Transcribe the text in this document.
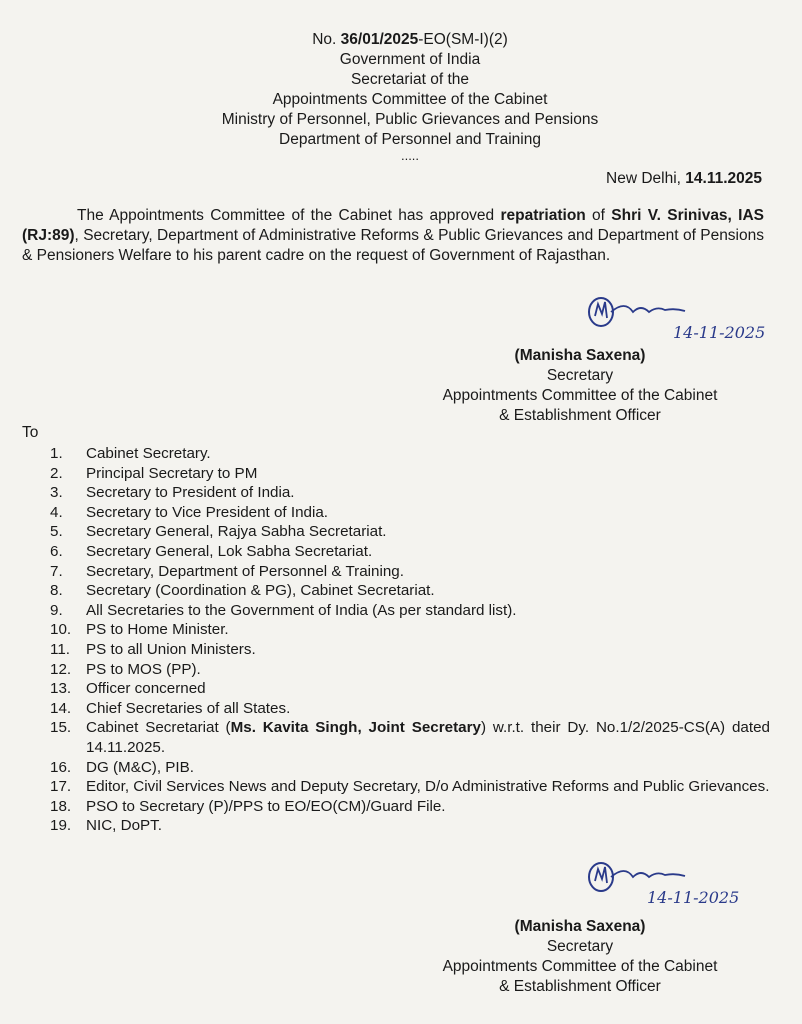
No. 36/01/2025-EO(SM-I)(2)
Government of India
Secretariat of the
Appointments Committee of the Cabinet
Ministry of Personnel, Public Grievances and Pensions
Department of Personnel and Training
.....
New Delhi, 14.11.2025
The Appointments Committee of the Cabinet has approved repatriation of Shri V. Srinivas, IAS (RJ:89), Secretary, Department of Administrative Reforms & Public Grievances and Department of Pensions & Pensioners Welfare to his parent cadre on the request of Government of Rajasthan.
14-11-2025
(Manisha Saxena)
Secretary
Appointments Committee of the Cabinet
& Establishment Officer
To
1.	Cabinet Secretary.
2.	Principal Secretary to PM
3.	Secretary to President of India.
4.	Secretary to Vice President of India.
5.	Secretary General, Rajya Sabha Secretariat.
6.	Secretary General, Lok Sabha Secretariat.
7.	Secretary, Department of Personnel & Training.
8.	Secretary (Coordination & PG), Cabinet Secretariat.
9.	All Secretaries to the Government of India (As per standard list).
10. PS to Home Minister.
11.	PS to all Union Ministers.
12. PS to MOS (PP).
13. Officer concerned
14. Chief Secretaries of all States.
15. Cabinet Secretariat (Ms. Kavita Singh, Joint Secretary) w.r.t. their Dy. No.1/2/2025-CS(A) dated 14.11.2025.
16. DG (M&C), PIB.
17. Editor, Civil Services News and Deputy Secretary, D/o Administrative Reforms and Public Grievances.
18. PSO to Secretary (P)/PPS to EO/EO(CM)/Guard File.
19. NIC, DoPT.
14-11-2025
(Manisha Saxena)
Secretary
Appointments Committee of the Cabinet
& Establishment Officer
